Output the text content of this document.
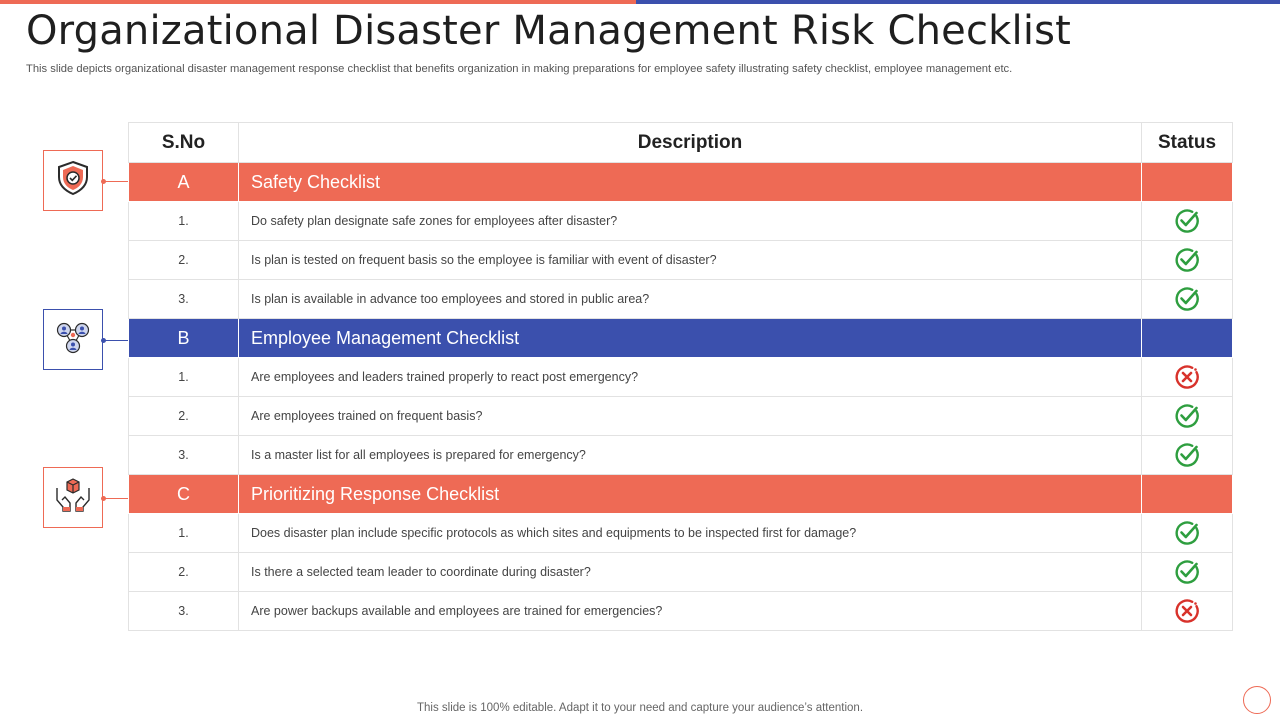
Organizational Disaster Management Risk Checklist
This slide depicts organizational disaster management response checklist that benefits organization in making preparations for employee safety illustrating safety checklist, employee management etc.
S.No	Description	Status
A	Safety Checklist	
1.	Do safety plan designate safe zones for employees after disaster?	

2.	Is plan is tested on frequent basis so the employee is familiar with event of disaster?	

3.	Is plan is available in advance too employees and stored in public area?	

B	Employee Management Checklist	
1.	Are employees and leaders trained properly to react post emergency?	

2.	Are employees trained on frequent basis?	

3.	Is a master list for all employees is prepared for emergency?	

C	Prioritizing Response Checklist	
1.	Does disaster plan include specific protocols as which sites and equipments to be inspected first for damage?	

2.	Is there a selected team leader to coordinate during disaster?	

3.	Are power backups available and employees are trained for emergencies?	
This slide is 100% editable. Adapt it to your need and capture your audience’s attention.
